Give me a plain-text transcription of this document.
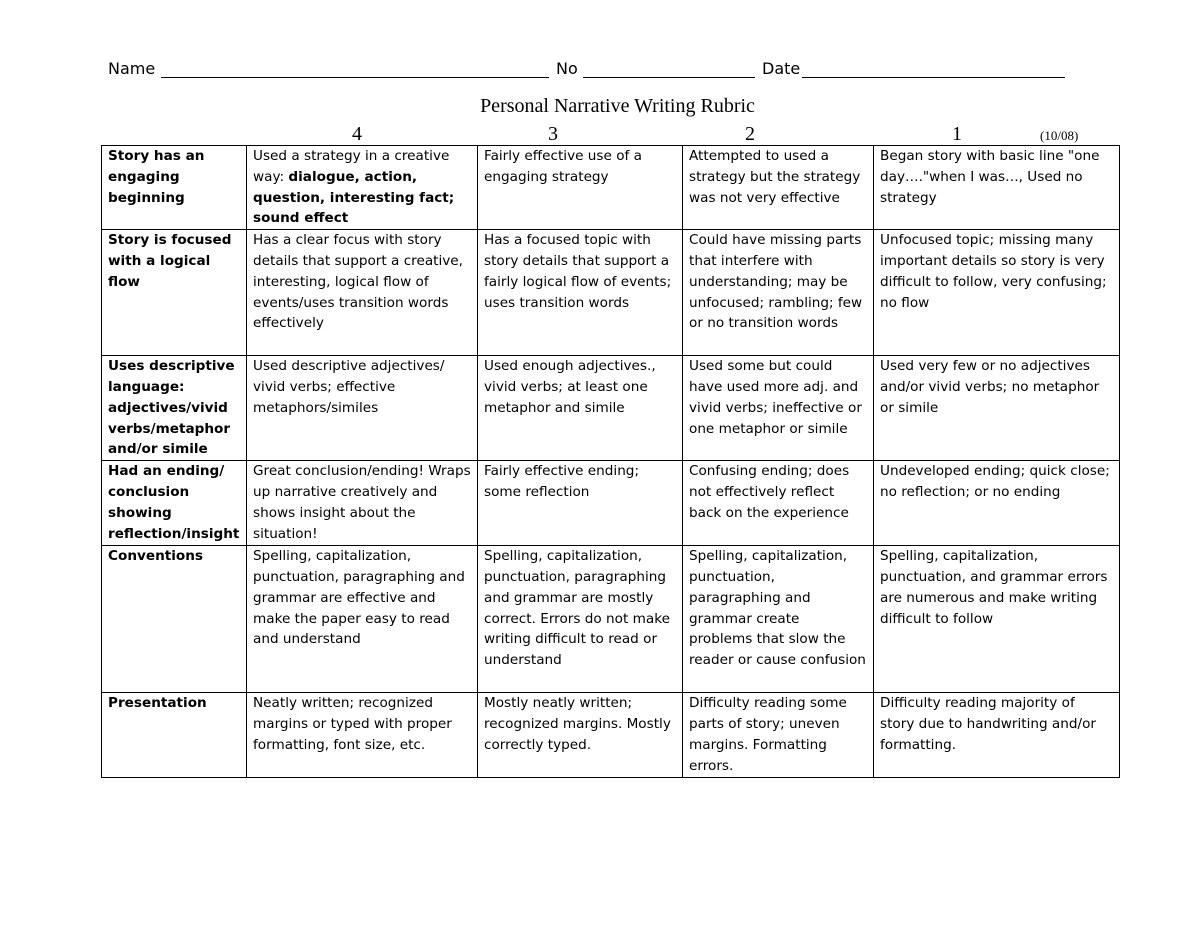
Name	No	Date
Personal Narrative Writing Rubric
4	3	2	1	(10/08)
Story has an engaging beginning	Used a strategy in a creative way: dialogue, action, question, interesting fact; sound effect	Fairly effective use of a engaging strategy	Attempted to used a strategy but the strategy was not very effective	Began story with basic line "one day…."when I was…, Used no strategy
Story is focused with a logical flow	Has a clear focus with story details that support a creative, interesting, logical flow of events/uses transition words effectively	Has a focused topic with story details that support a fairly logical flow of events; uses transition words	Could have missing parts that interfere with understanding; may be unfocused; rambling; few or no transition words	Unfocused topic; missing many important details so story is very difficult to follow, very confusing; no flow
Uses descriptive language: adjectives/vivid verbs/metaphor and/or simile	Used descriptive adjectives/ vivid verbs; effective metaphors/similes	Used enough adjectives., vivid verbs; at least one metaphor and simile	Used some but could have used more adj. and vivid verbs; ineffective or one metaphor or simile	Used very few or no adjectives and/or vivid verbs; no metaphor or simile
Had an ending/ conclusion showing reflection/insight	Great conclusion/ending! Wraps up narrative creatively and shows insight about the situation!	Fairly effective ending; some reflection	Confusing ending; does not effectively reflect back on the experience	Undeveloped ending; quick close; no reflection; or no ending
Conventions	Spelling, capitalization, punctuation, paragraphing and grammar are effective and make the paper easy to read and understand	Spelling, capitalization, punctuation, paragraphing and grammar are mostly correct. Errors do not make writing difficult to read or understand	Spelling, capitalization, punctuation, paragraphing and grammar create problems that slow the reader or cause confusion	Spelling, capitalization, punctuation, and grammar errors are numerous and make writing difficult to follow
Presentation	Neatly written; recognized margins or typed with proper formatting, font size, etc.	Mostly neatly written; recognized margins. Mostly correctly typed.	Difficulty reading some parts of story; uneven margins. Formatting errors.	Difficulty reading majority of story due to handwriting and/or formatting.
